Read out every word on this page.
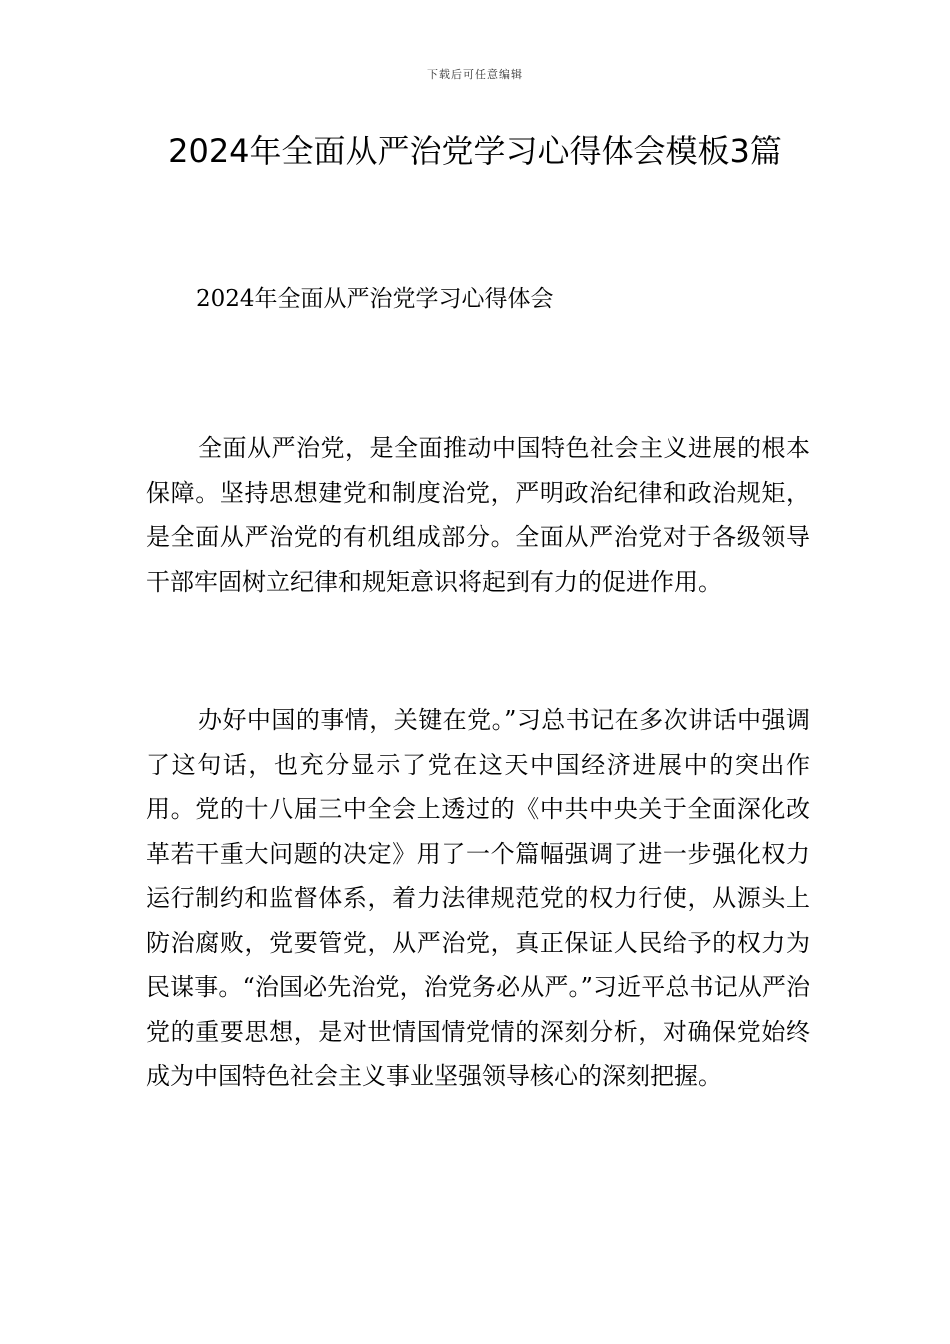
下载后可任意编辑
2024年全面从严治党学习心得体会模板3篇
2024年全面从严治党学习心得体会

全面从严治党，是全面推动中国特色社会主义进展的根本保障。坚持思想建党和制度治党，严明政治纪律和政治规矩，是全面从严治党的有机组成部分。全面从严治党对于各级领导干部牢固树立纪律和规矩意识将起到有力的促进作用。

办好中国的事情，关键在党。”习总书记在多次讲话中强调了这句话，也充分显示了党在这天中国经济进展中的突出作用。党的十八届三中全会上透过的《中共中央关于全面深化改革若干重大问题的决定》用了一个篇幅强调了进一步强化权力运行制约和监督体系，着力法律规范党的权力行使，从源头上防治腐败，党要管党，从严治党，真正保证人民给予的权力为民谋事。“治国必先治党，治党务必从严。”习近平总书记从严治党的重要思想，是对世情国情党情的深刻分析，对确保党始终成为中国特色社会主义事业坚强领导核心的深刻把握。
